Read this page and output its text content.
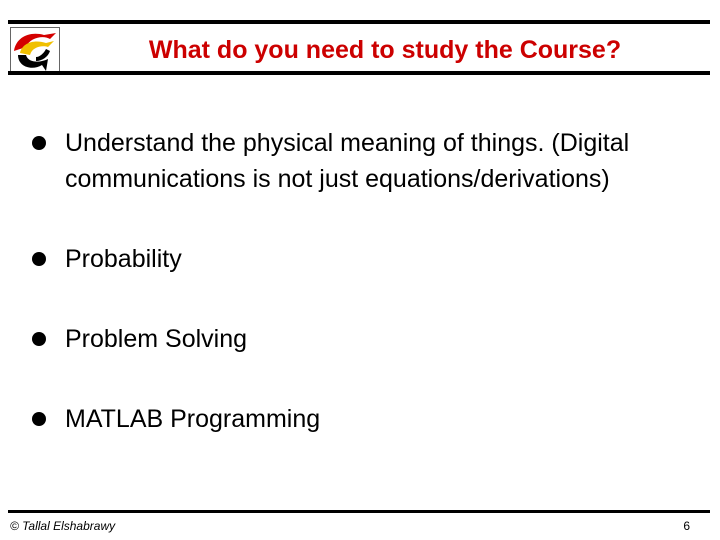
What do you need to study the Course?
Understand the physical meaning of things. (Digital
communications is not just equations/derivations)
Probability
Problem Solving
MATLAB Programming
© Tallal Elshabrawy	6
